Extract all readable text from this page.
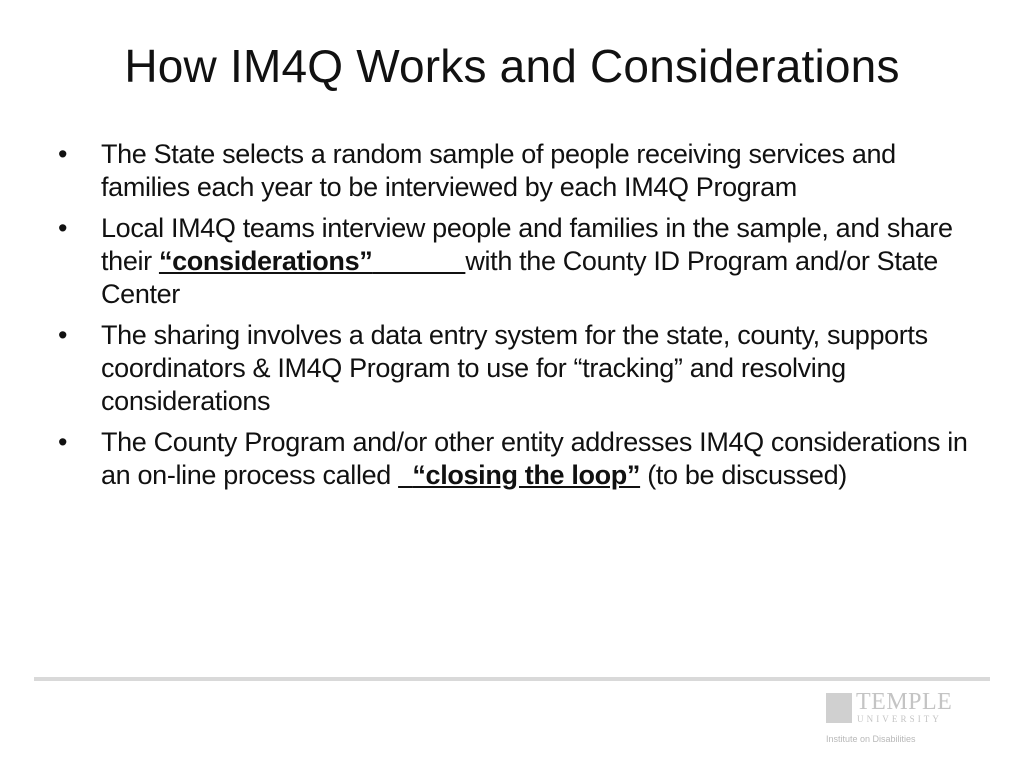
How IM4Q Works and Considerations
•	The State selects a random sample of people receiving services and families each year to be interviewed by each IM4Q Program
•	Local IM4Q teams interview people and families in the sample, and share their “considerations”	with the County ID Program and/or State Center
•	The sharing involves a data entry system for the state, county, supports coordinators & IM4Q Program to use for “tracking” and resolving considerations
•	The County Program and/or other entity addresses IM4Q considerations in an on-line process called   “closing the loop” (to be discussed)
TEMPLE
UNIVERSITY
Institute on Disabilities
